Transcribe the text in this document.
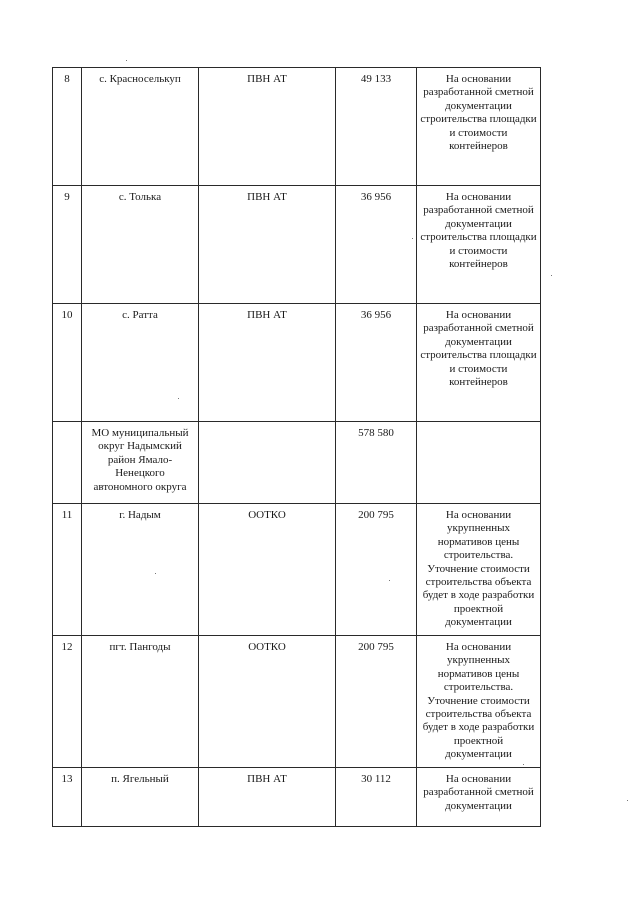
8	с. Красноселькуп	ПВН АТ	49 133	На основании разработанной сметной документации строительства площадки и стоимости контейнеров

9	с. Толька	ПВН АТ	36 956	На основании разработанной сметной документации строительства площадки и стоимости контейнеров

10	с. Ратта	ПВН АТ	36 956	На основании разработанной сметной документации строительства площадки и стоимости контейнеров

	МО муниципальный округ Надымский район Ямало-Ненецкого автономного округа		578 580	

11	г. Надым	ООТКО	200 795	На основании укрупненных нормативов цены строительства. Уточнение стоимости строительства объекта будет в ходе разработки проектной документации

12	пгт. Пангоды	ООТКО	200 795	На основании укрупненных нормативов цены строительства. Уточнение стоимости строительства объекта будет в ходе разработки проектной документации

13	п. Ягельный	ПВН АТ	30 112	На основании разработанной сметной документации
